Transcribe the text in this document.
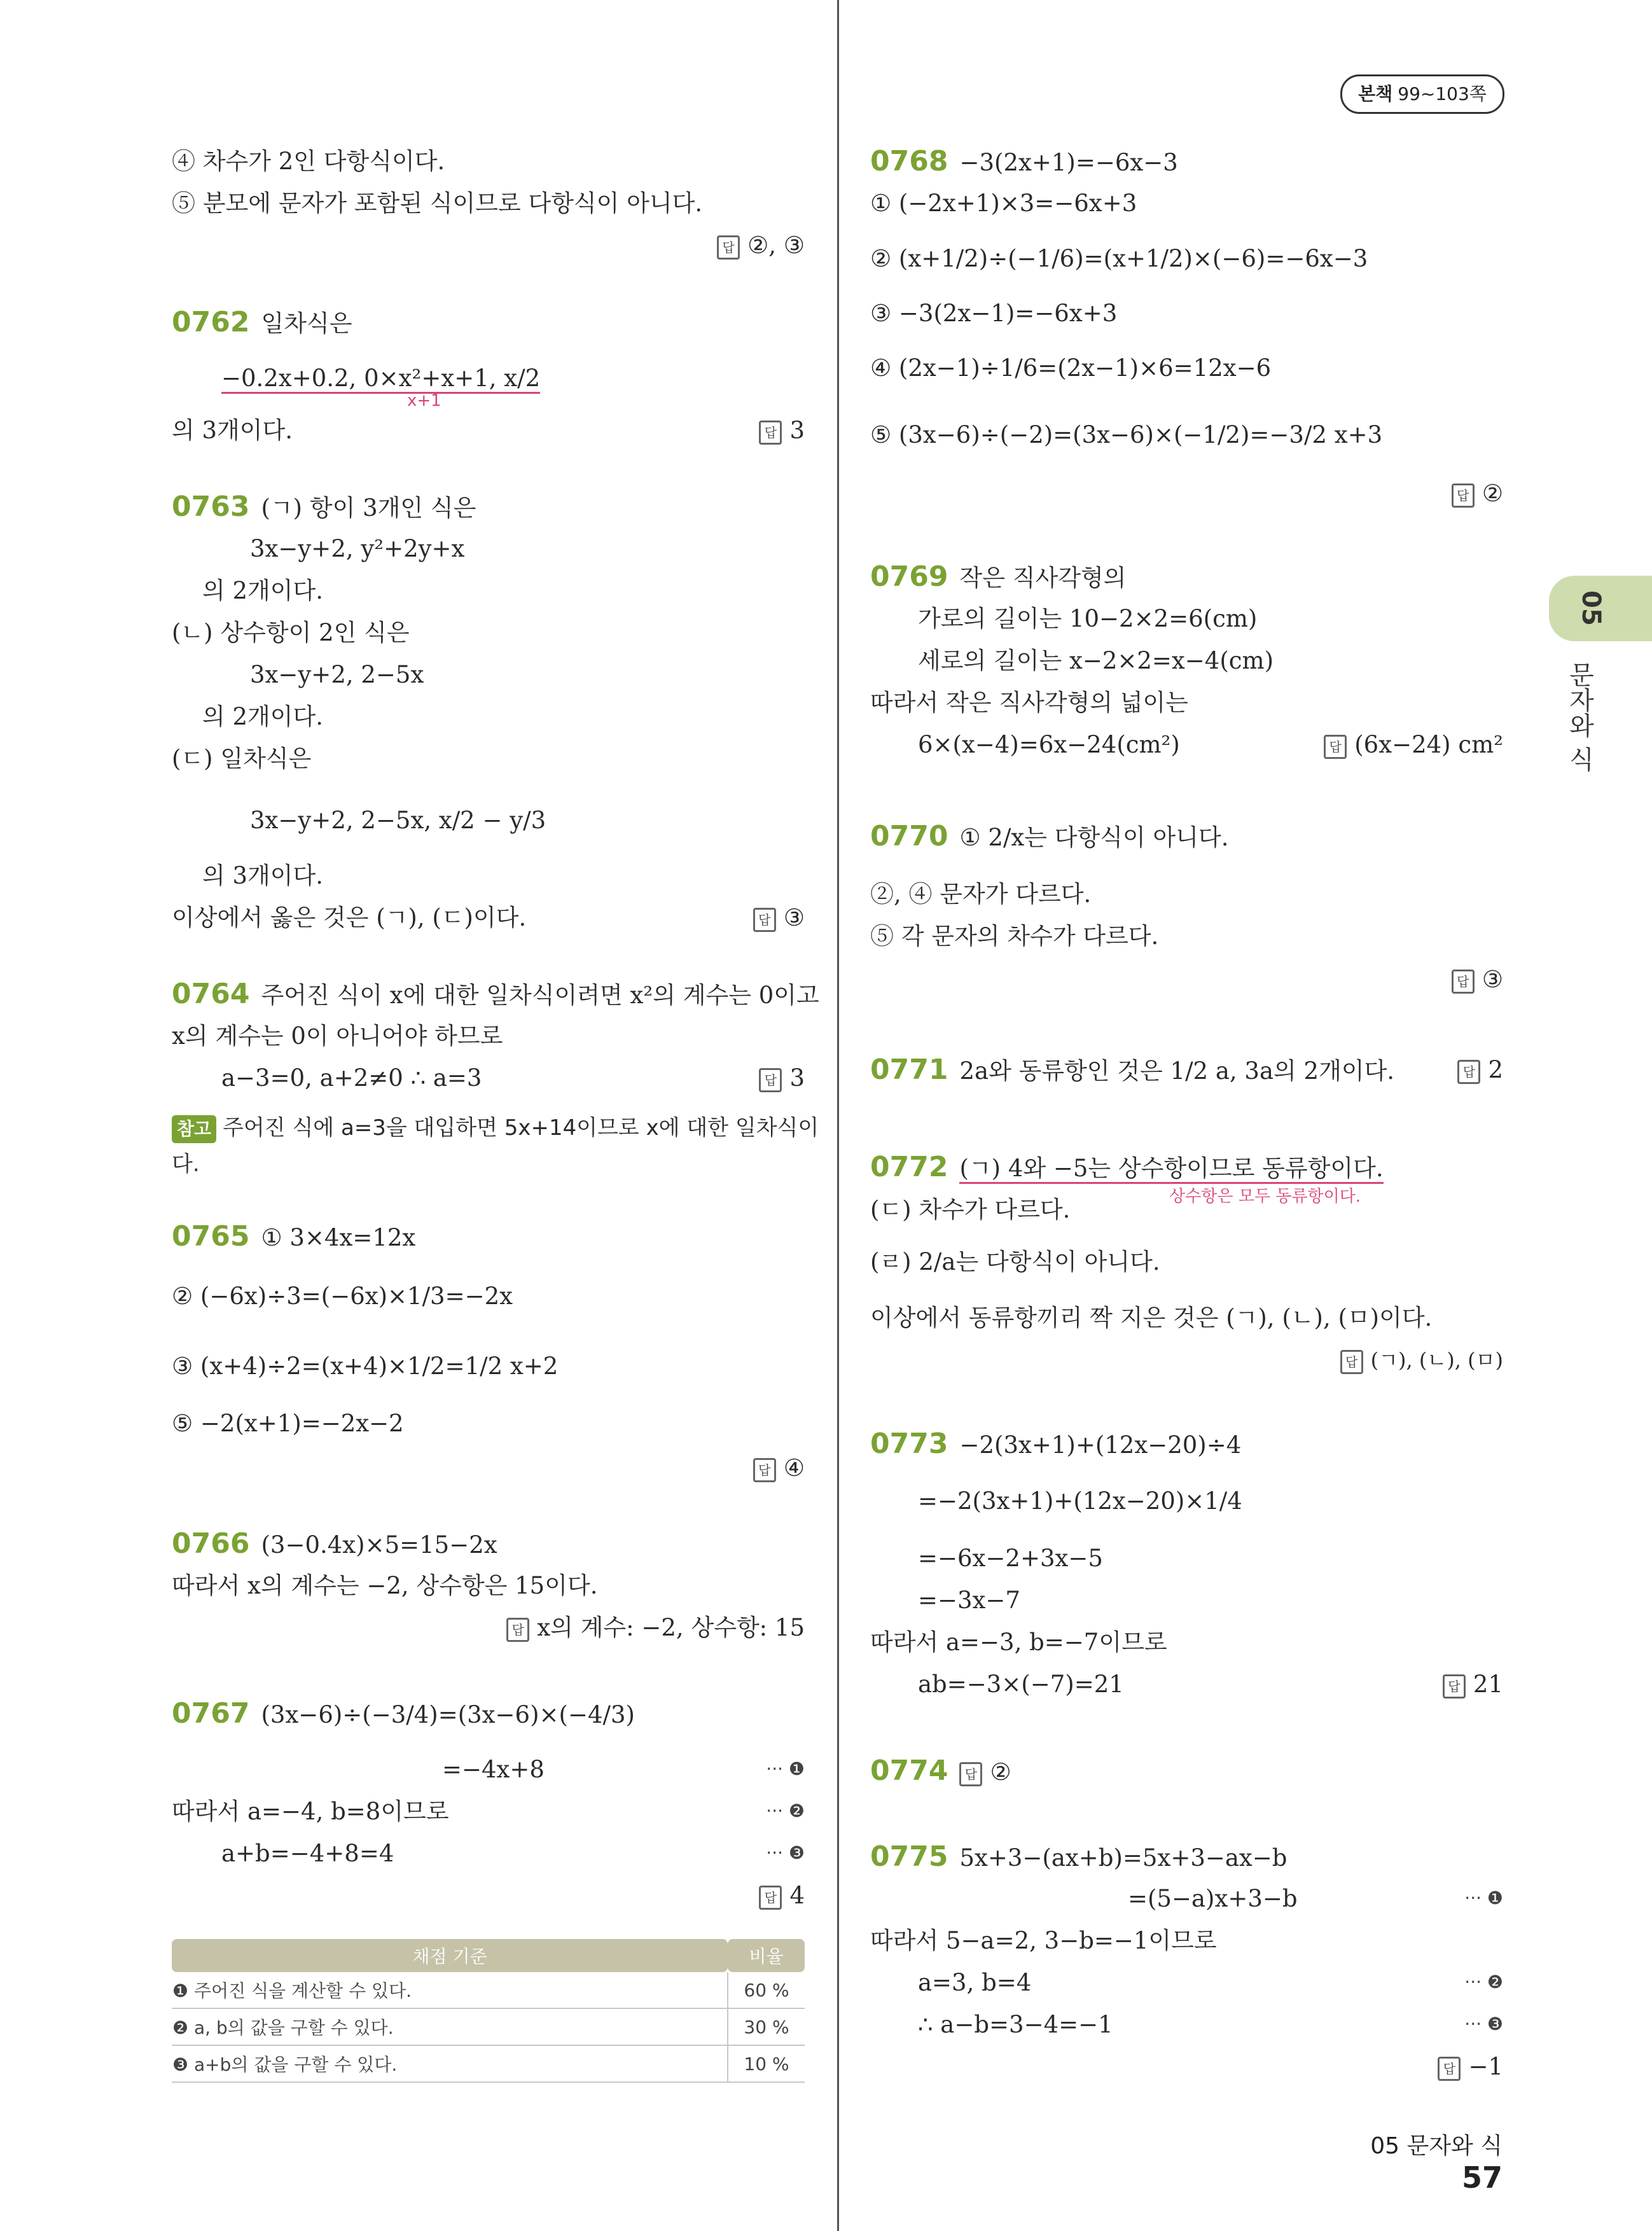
본책 99~103쪽
05
문자와 식
④ 차수가 2인 다항식이다.
⑤ 분모에 문자가 포함된 식이므로 다항식이 아니다.
답 ②, ③
0762 일차식은
−0.2x+0.2, 0×x²+x+1, x/2
x+1
의 3개이다.	답 3
0763 (ㄱ) 항이 3개인 식은
3x−y+2, y²+2y+x
의 2개이다.
(ㄴ) 상수항이 2인 식은
3x−y+2, 2−5x
의 2개이다.
(ㄷ) 일차식은
3x−y+2, 2−5x, x/2 − y/3
의 3개이다.
이상에서 옳은 것은 (ㄱ), (ㄷ)이다.	답 ③
0764 주어진 식이 x에 대한 일차식이려면 x²의 계수는 0이고
x의 계수는 0이 아니어야 하므로
a−3=0, a+2≠0 ∴ a=3	답 3
참고 주어진 식에 a=3을 대입하면 5x+14이므로 x에 대한 일차식이
다.
0765 ① 3×4x=12x
② (−6x)÷3=(−6x)×1/3=−2x
③ (x+4)÷2=(x+4)×1/2=1/2 x+2
⑤ −2(x+1)=−2x−2
답 ④
0766 (3−0.4x)×5=15−2x
따라서 x의 계수는 −2, 상수항은 15이다.
답 x의 계수: −2, 상수항: 15
0767 (3x−6)÷(−3/4)=(3x−6)×(−4/3)
=−4x+8	··· ❶
따라서 a=−4, b=8이므로	··· ❷
a+b=−4+8=4	··· ❸
답 4
채점 기준	비율
❶ 주어진 식을 계산할 수 있다.	60 %
❷ a, b의 값을 구할 수 있다.	30 %
❸ a+b의 값을 구할 수 있다.	10 %
0768 −3(2x+1)=−6x−3
① (−2x+1)×3=−6x+3
② (x+1/2)÷(−1/6)=(x+1/2)×(−6)=−6x−3
③ −3(2x−1)=−6x+3
④ (2x−1)÷1/6=(2x−1)×6=12x−6
⑤ (3x−6)÷(−2)=(3x−6)×(−1/2)=−3/2 x+3
답 ②
0769 작은 직사각형의
가로의 길이는 10−2×2=6(cm)
세로의 길이는 x−2×2=x−4(cm)
따라서 작은 직사각형의 넓이는
6×(x−4)=6x−24(cm²)	답 (6x−24) cm²
0770 ① 2/x는 다항식이 아니다.
②, ④ 문자가 다르다.
⑤ 각 문자의 차수가 다르다.
답 ③
0771 2a와 동류항인 것은 1/2 a, 3a의 2개이다.	답 2
0772 (ㄱ) 4와 −5는 상수항이므로 동류항이다.
상수항은 모두 동류항이다.
(ㄷ) 차수가 다르다.
(ㄹ) 2/a는 다항식이 아니다.
이상에서 동류항끼리 짝 지은 것은 (ㄱ), (ㄴ), (ㅁ)이다.
답 (ㄱ), (ㄴ), (ㅁ)
0773 −2(3x+1)+(12x−20)÷4
=−2(3x+1)+(12x−20)×1/4
=−6x−2+3x−5
=−3x−7
따라서 a=−3, b=−7이므로
ab=−3×(−7)=21	답 21
0774 답 ②
0775 5x+3−(ax+b)=5x+3−ax−b
=(5−a)x+3−b	··· ❶
따라서 5−a=2, 3−b=−1이므로
a=3, b=4	··· ❷
∴ a−b=3−4=−1	··· ❸
답 −1
05 문자와 식57
